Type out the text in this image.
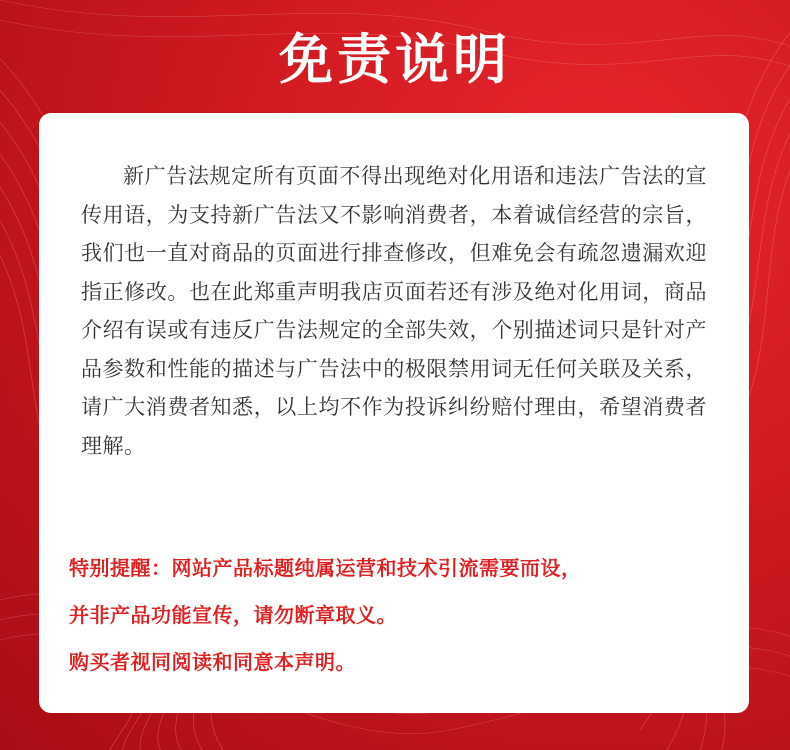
免责说明

新广告法规定所有页面不得出现绝对化用语和违法广告法的宣传用语，为支持新广告法又不影响消费者，本着诚信经营的宗旨，我们也一直对商品的页面进行排查修改，但难免会有疏忽遗漏欢迎指正修改。也在此郑重声明我店页面若还有涉及绝对化用词，商品介绍有误或有违反广告法规定的全部失效，个别描述词只是针对产品参数和性能的描述与广告法中的极限禁用词无任何关联及关系，请广大消费者知悉，以上均不作为投诉纠纷赔付理由，希望消费者理解。

特别提醒：网站产品标题纯属运营和技术引流需要而设，
并非产品功能宣传，请勿断章取义。
购买者视同阅读和同意本声明。
